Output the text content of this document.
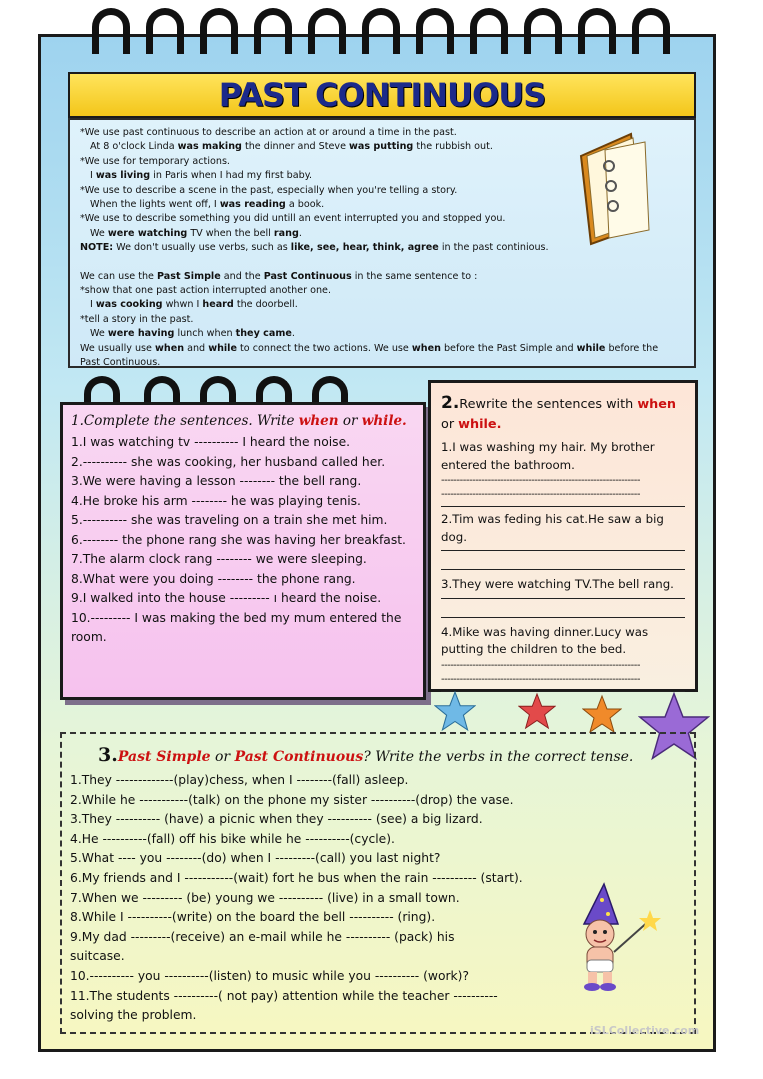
PAST CONTINUOUS

*We use past continuous to describe an action at or around a time in the past.

At 8 o'clock Linda was making the dinner and Steve was putting the rubbish out.

*We use for temporary actions.

I was living in Paris when I had my first baby.

*We use to describe a scene in the past, especially when you're telling a story.

When the lights went off, I was reading a book.

*We use to describe something you did untill an event interrupted you and stopped you.

We were watching TV when the bell rang.

NOTE: We don't usually use verbs, such as like, see, hear, think, agree in the past continious.

We can use the Past Simple and the Past Continuous in the same sentence to :

*show that one past action interrupted another one.

I was cooking whwn I heard the doorbell.

*tell a story in the past.

We were having lunch when they came.

We usually use when and while to connect the two actions. We use when before the Past Simple and while before the

Past Continuous.

1.Complete the sentences. Write when or while.
1.I was watching tv ---------- I heard the noise.
2.---------- she was cooking, her husband called her.
3.We were having a lesson -------- the bell rang.
4.He broke his arm -------- he was playing tenis.
5.---------- she was traveling on a train she met him.
6.-------- the phone rang she was having her breakfast.
7.The alarm clock rang -------- we were sleeping.
8.What were you doing -------- the phone rang.
9.I walked into the house --------- ı heard the noise.
10.--------- I was making the bed my mum entered the room.
2.Rewrite the sentences with when
or while.
1.I was washing my hair. My brother entered the bathroom.
----------------------------------------------------------------
----------------------------------------------------------------
2.Tim was feding his cat.He saw a big dog.
3.They were watching TV.The bell rang.
4.Mike was having dinner.Lucy was putting the children to the bed.
----------------------------------------------------------------
----------------------------------------------------------------
3.Past Simple or Past Continuous? Write the verbs in the correct tense.
1.They -------------(play)chess, when I --------(fall) asleep.
2.While he -----------(talk) on the phone my sister ----------(drop) the vase.
3.They ---------- (have) a picnic when they ---------- (see) a big lizard.
4.He ----------(fall) off his bike while he ----------(cycle).
5.What ---- you --------(do) when I ---------(call) you last night?
6.My friends and I -----------(wait) fort he bus when the rain ---------- (start).
7.When we --------- (be) young we ---------- (live) in a small town.
8.While I ----------(write) on the board the bell ---------- (ring).
9.My dad ---------(receive) an e-mail while he ---------- (pack) his
suitcase.
10.---------- you ----------(listen) to music while you ---------- (work)?
11.The students ----------( not pay) attention while the teacher ----------
solving the problem.
iSLCollective.com
